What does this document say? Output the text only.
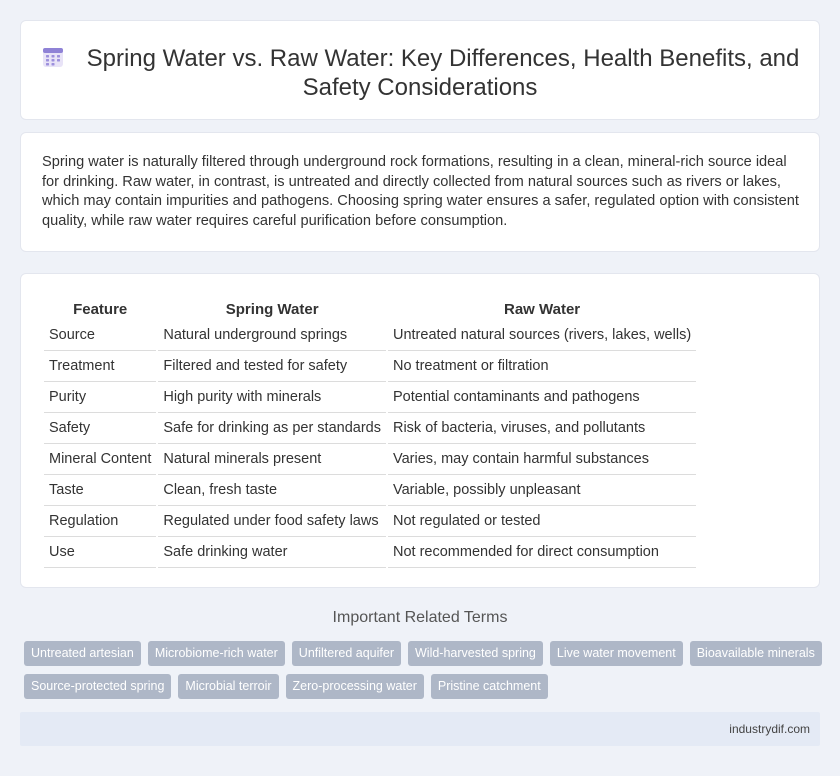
Spring Water vs. Raw Water: Key Differences, Health Benefits, and Safety Considerations

Spring water is naturally filtered through underground rock formations, resulting in a clean, mineral-rich source ideal for drinking. Raw water, in contrast, is untreated and directly collected from natural sources such as rivers or lakes, which may contain impurities and pathogens. Choosing spring water ensures a safer, regulated option with consistent quality, while raw water requires careful purification before consumption.

Feature	Spring Water	Raw Water
Source	Natural underground springs	Untreated natural sources (rivers, lakes, wells)
Treatment	Filtered and tested for safety	No treatment or filtration
Purity	High purity with minerals	Potential contaminants and pathogens
Safety	Safe for drinking as per standards	Risk of bacteria, viruses, and pollutants
Mineral Content	Natural minerals present	Varies, may contain harmful substances
Taste	Clean, fresh taste	Variable, possibly unpleasant
Regulation	Regulated under food safety laws	Not regulated or tested
Use	Safe drinking water	Not recommended for direct consumption
Important Related Terms
Untreated artesian	Microbiome-rich water	Unfiltered aquifer	Wild-harvested spring	Live water movement	Bioavailable minerals
Source-protected spring	Microbial terroir	Zero-processing water	Pristine catchment
industrydif.com
